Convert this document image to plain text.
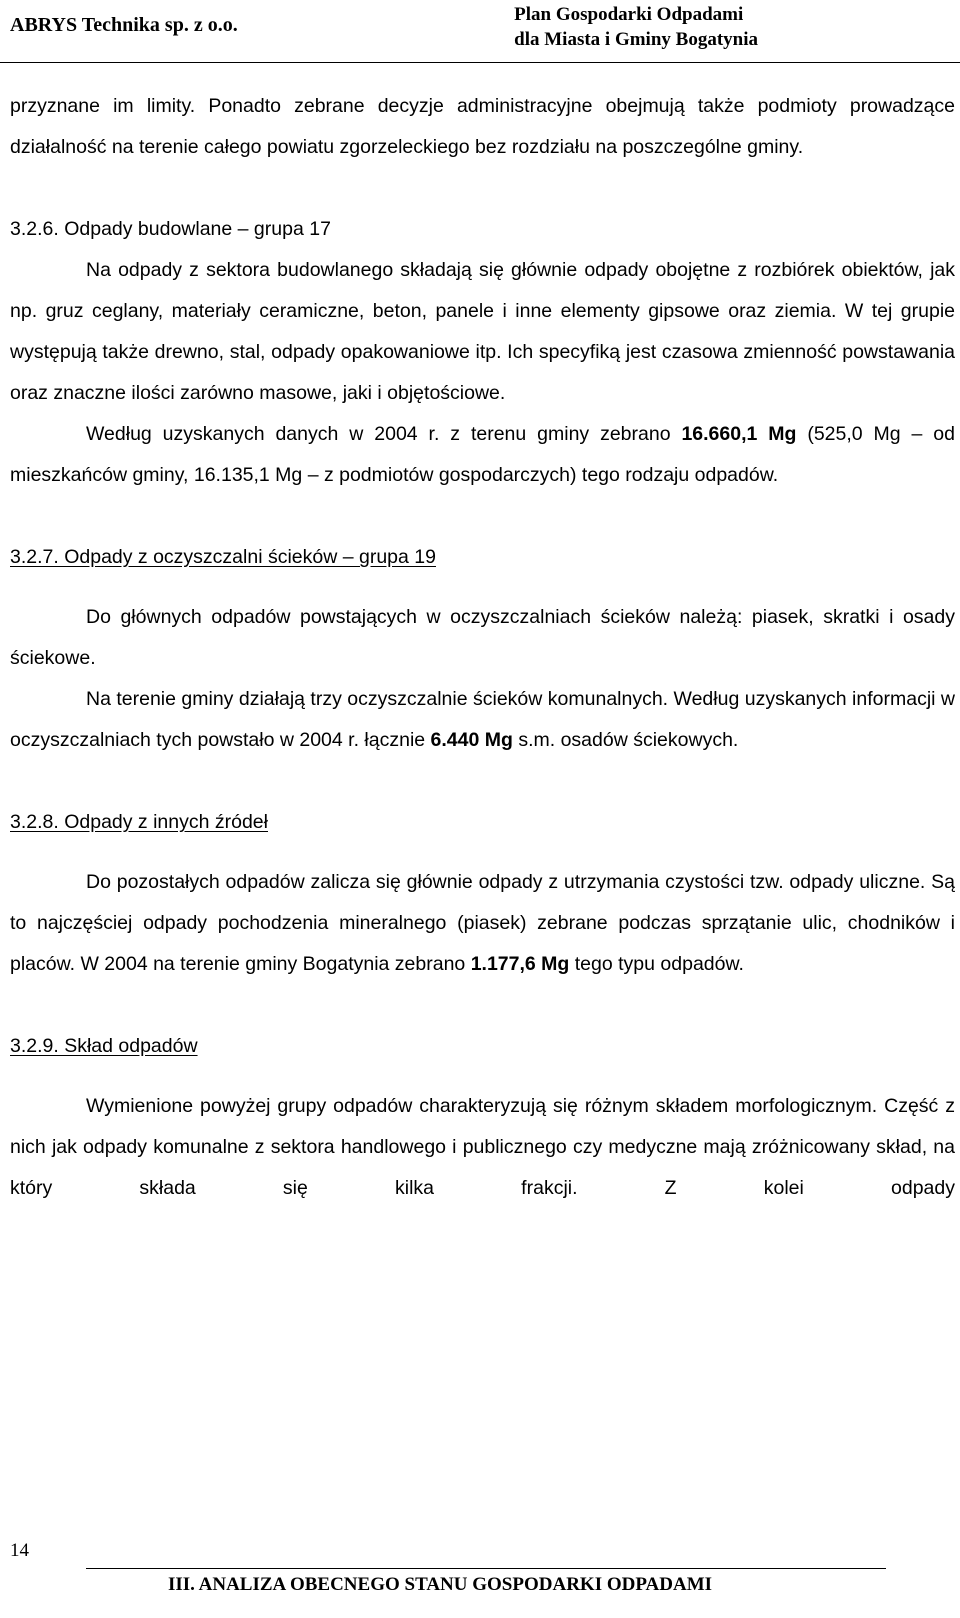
ABRYS Technika sp. z o.o.	Plan Gospodarki Odpadami
dla Miasta i Gminy Bogatynia

przyznane im limity. Ponadto zebrane decyzje administracyjne obejmują także podmioty prowadzące działalność na terenie całego powiatu zgorzeleckiego bez rozdziału na poszczególne gminy.

3.2.6. Odpady budowlane – grupa 17

Na odpady z sektora budowlanego składają się głównie odpady obojętne z rozbiórek obiektów, jak np. gruz ceglany, materiały ceramiczne, beton, panele i inne elementy gipsowe oraz ziemia. W tej grupie występują także drewno, stal, odpady opakowaniowe itp. Ich specyfiką jest czasowa zmienność powstawania oraz znaczne ilości zarówno masowe, jaki i objętościowe.

Według uzyskanych danych w 2004 r. z terenu gminy zebrano 16.660,1 Mg (525,0 Mg – od mieszkańców gminy, 16.135,1 Mg – z podmiotów gospodarczych) tego rodzaju odpadów.

3.2.7. Odpady z oczyszczalni ścieków – grupa 19

Do głównych odpadów powstających w oczyszczalniach ścieków należą: piasek, skratki i osady ściekowe.

Na terenie gminy działają trzy oczyszczalnie ścieków komunalnych. Według uzyskanych informacji w oczyszczalniach tych powstało w 2004 r. łącznie 6.440 Mg s.m. osadów ściekowych.

3.2.8. Odpady z innych źródeł

Do pozostałych odpadów zalicza się głównie odpady z utrzymania czystości tzw. odpady uliczne. Są to najczęściej odpady pochodzenia mineralnego (piasek) zebrane podczas sprzątanie ulic, chodników i placów. W 2004 na terenie gminy Bogatynia zebrano 1.177,6 Mg tego typu odpadów.

3.2.9. Skład odpadów

Wymienione powyżej grupy odpadów charakteryzują się różnym składem morfologicznym. Część z nich jak odpady komunalne z sektora handlowego i publicznego czy medyczne mają zróżnicowany skład, na który składa się kilka frakcji. Z kolei odpady

14
III. ANALIZA OBECNEGO STANU GOSPODARKI ODPADAMI
